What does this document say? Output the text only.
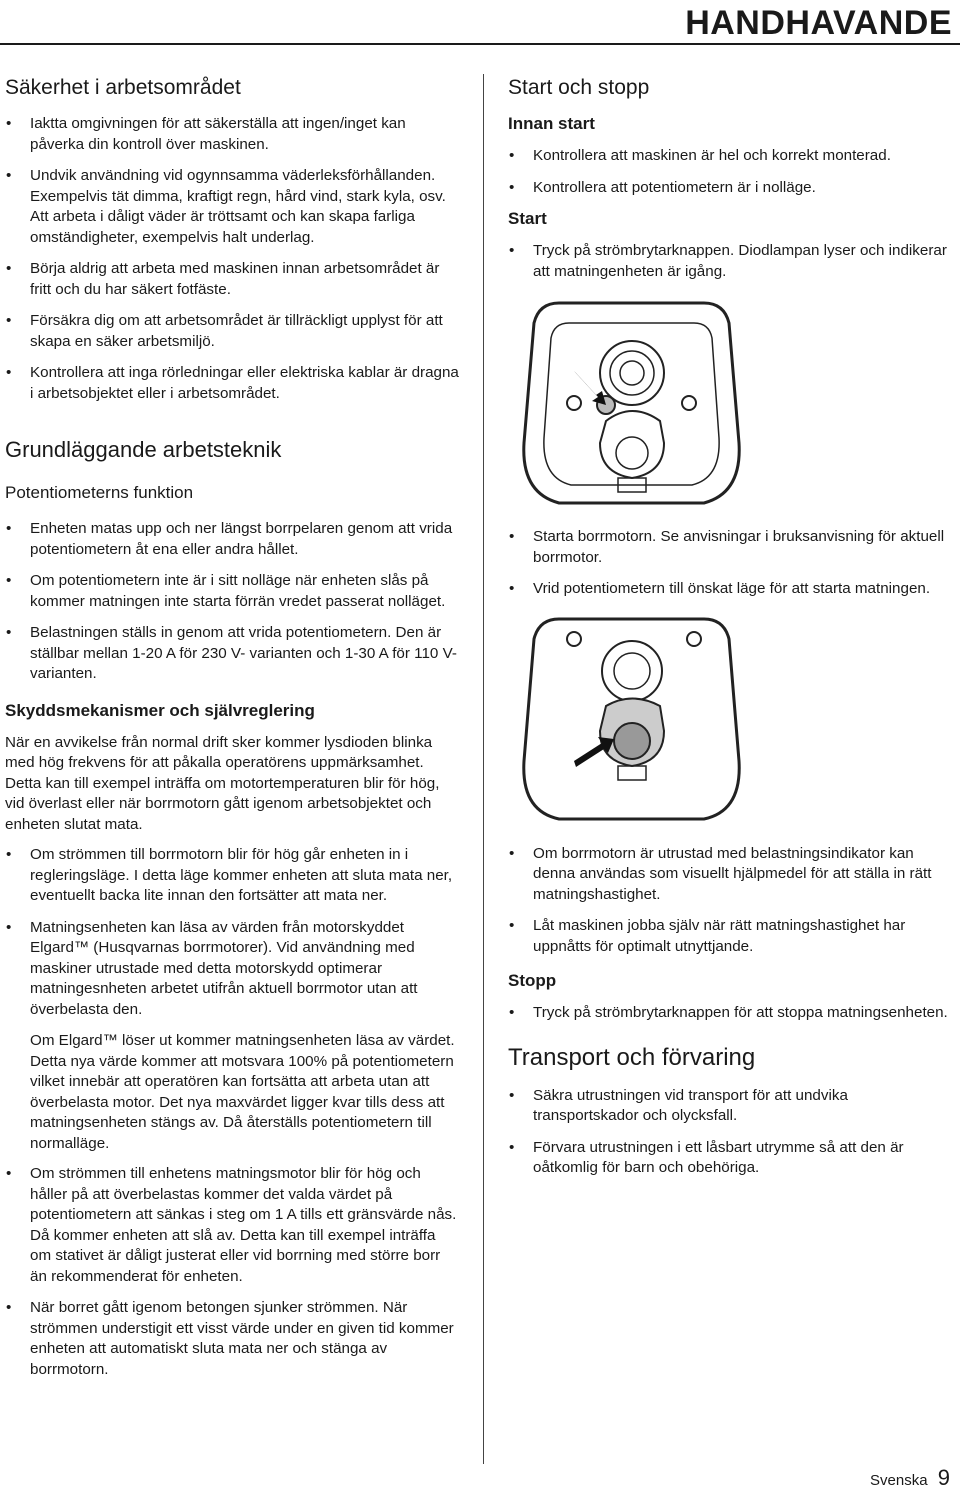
HANDHAVANDE
Säkerhet i arbetsområdet
• Iaktta omgivningen för att säkerställa att ingen/inget kan påverka din kontroll över maskinen.
• Undvik användning vid ogynnsamma väderleksförhållanden. Exempelvis tät dimma, kraftigt regn, hård vind, stark kyla, osv. Att arbeta i dåligt väder är tröttsamt och kan skapa farliga omständigheter, exempelvis halt underlag.
• Börja aldrig att arbeta med maskinen innan arbetsområdet är fritt och du har säkert fotfäste.
• Försäkra dig om att arbetsområdet är tillräckligt upplyst för att skapa en säker arbetsmiljö.
• Kontrollera att inga rörledningar eller elektriska kablar är dragna i arbetsobjektet eller i arbetsområdet.
Grundläggande arbetsteknik
Potentiometerns funktion
• Enheten matas upp och ner längst borrpelaren genom att vrida potentiometern åt ena eller andra hållet.
• Om potentiometern inte är i sitt nolläge när enheten slås på kommer matningen inte starta förrän vredet passerat nolläget.
• Belastningen ställs in genom att vrida potentiometern. Den är ställbar mellan 1-20 A för 230 V- varianten och 1-30 A för 110 V-varianten.
Skyddsmekanismer och självreglering

När en avvikelse från normal drift sker kommer lysdioden blinka med hög frekvens för att påkalla operatörens uppmärksamhet. Detta kan till exempel inträffa om motortemperaturen blir för hög, vid överlast eller när borrmotorn gått igenom arbetsobjektet och enheten slutat mata.

• Om strömmen till borrmotorn blir för hög går enheten in i regleringsläge. I detta läge kommer enheten att sluta mata ner, eventuellt backa lite innan den fortsätter att mata ner.
• Matningsenheten kan läsa av värden från motorskyddet Elgard™ (Husqvarnas borrmotorer). Vid användning med maskiner utrustade med detta motorskydd optimerar matningesnheten arbetet utifrån aktuell borrmotor utan att överbelasta den.

Om Elgard™ löser ut kommer matningsenheten läsa av värdet. Detta nya värde kommer att motsvara 100% på potentiometern vilket innebär att operatören kan fortsätta att arbeta utan att överbelasta motor. Det nya maxvärdet ligger kvar tills dess att matningsenheten stängs av. Då återställs potentiometern till normalläge.

• Om strömmen till enhetens matningsmotor blir för hög och håller på att överbelastas kommer det valda värdet på potentiometern att sänkas i steg om 1 A tills ett gränsvärde nås. Då kommer enheten att slå av. Detta kan till exempel inträffa om stativet är dåligt justerat eller vid borrning med större borr än rekommenderat för enheten.
• När borret gått igenom betongen sjunker strömmen. När strömmen understigit ett visst värde under en given tid kommer enheten att automatiskt sluta mata ner och stänga av borrmotorn.
Start och stopp
Innan start
• Kontrollera att maskinen är hel och korrekt monterad.
• Kontrollera att potentiometern är i nolläge.
Start
• Tryck på strömbrytarknappen. Diodlampan lyser och indikerar att matningenheten är igång.
• Starta borrmotorn. Se anvisningar i bruksanvisning för aktuell borrmotor.
• Vrid potentiometern till önskat läge för att starta matningen.
• Om borrmotorn är utrustad med belastningsindikator kan denna användas som visuellt hjälpmedel för att ställa in rätt matningshastighet.
• Låt maskinen jobba själv när rätt matningshastighet har uppnåtts för optimalt utnyttjande.
Stopp
• Tryck på strömbrytarknappen för att stoppa matningsenheten.
Transport och förvaring
• Säkra utrustningen vid transport för att undvika transportskador och olycksfall.
• Förvara utrustningen i ett låsbart utrymme så att den är oåtkomlig för barn och obehöriga.
Svenska 9
